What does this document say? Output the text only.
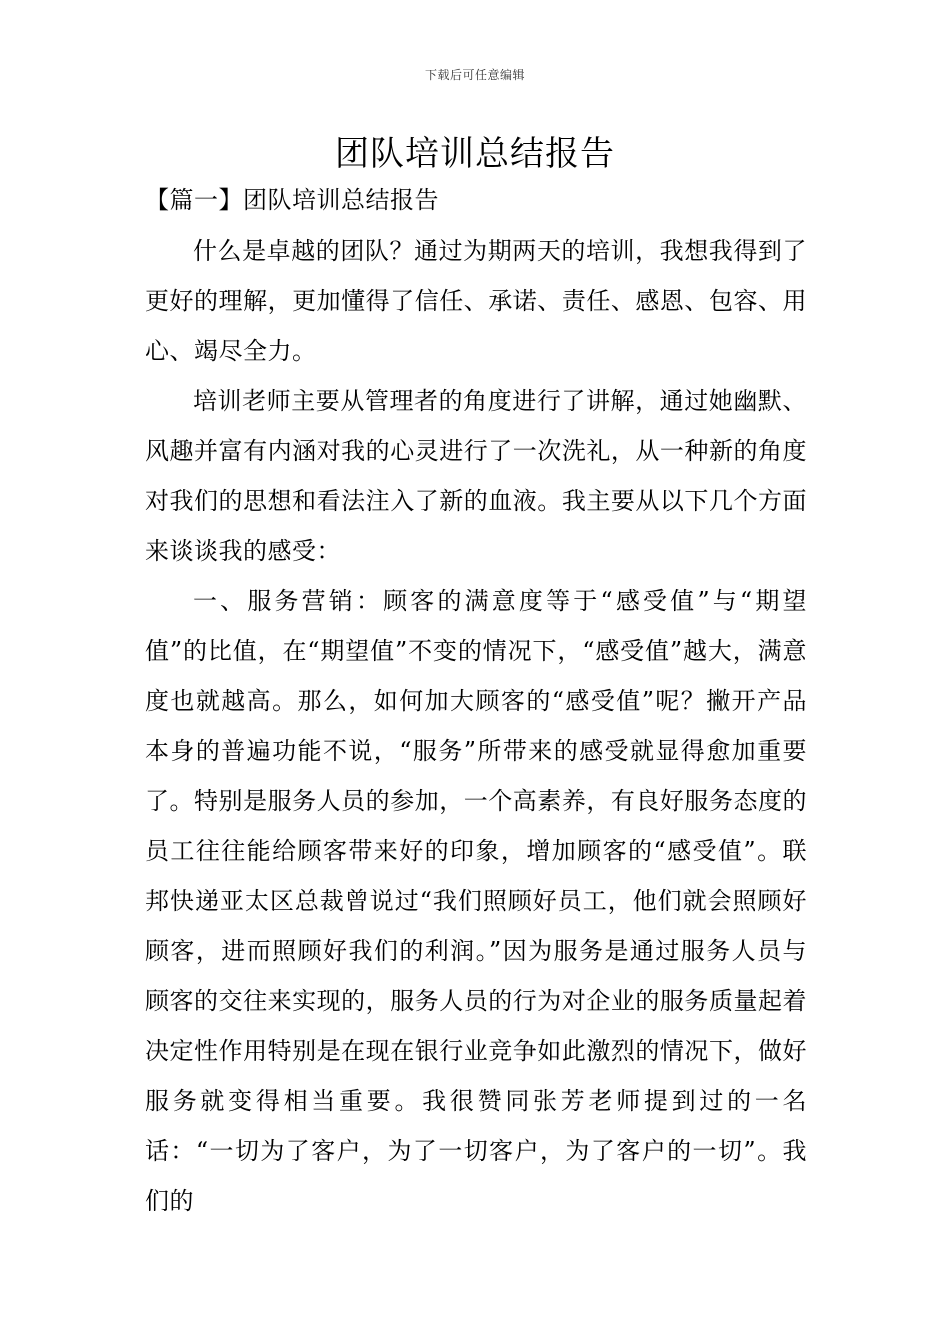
下载后可任意编辑
团队培训总结报告
【篇一】团队培训总结报告

什么是卓越的团队？通过为期两天的培训，我想我得到了更好的理解，更加懂得了信任、承诺、责任、感恩、包容、用心、竭尽全力。

培训老师主要从管理者的角度进行了讲解，通过她幽默、风趣并富有内涵对我的心灵进行了一次洗礼，从一种新的角度对我们的思想和看法注入了新的血液。我主要从以下几个方面来谈谈我的感受：

一、服务营销：顾客的满意度等于“感受值”与“期望值”的比值，在“期望值”不变的情况下，“感受值”越大，满意度也就越高。那么，如何加大顾客的“感受值”呢？撇开产品本身的普遍功能不说，“服务”所带来的感受就显得愈加重要了。特别是服务人员的参加，一个高素养，有良好服务态度的员工往往能给顾客带来好的印象，增加顾客的“感受值”。联邦快递亚太区总裁曾说过“我们照顾好员工，他们就会照顾好顾客，进而照顾好我们的利润。”因为服务是通过服务人员与顾客的交往来实现的，服务人员的行为对企业的服务质量起着决定性作用特别是在现在银行业竞争如此激烈的情况下，做好服务就变得相当重要。我很赞同张芳老师提到过的一名话：“一切为了客户，为了一切客户，为了客户的一切”。我们的
